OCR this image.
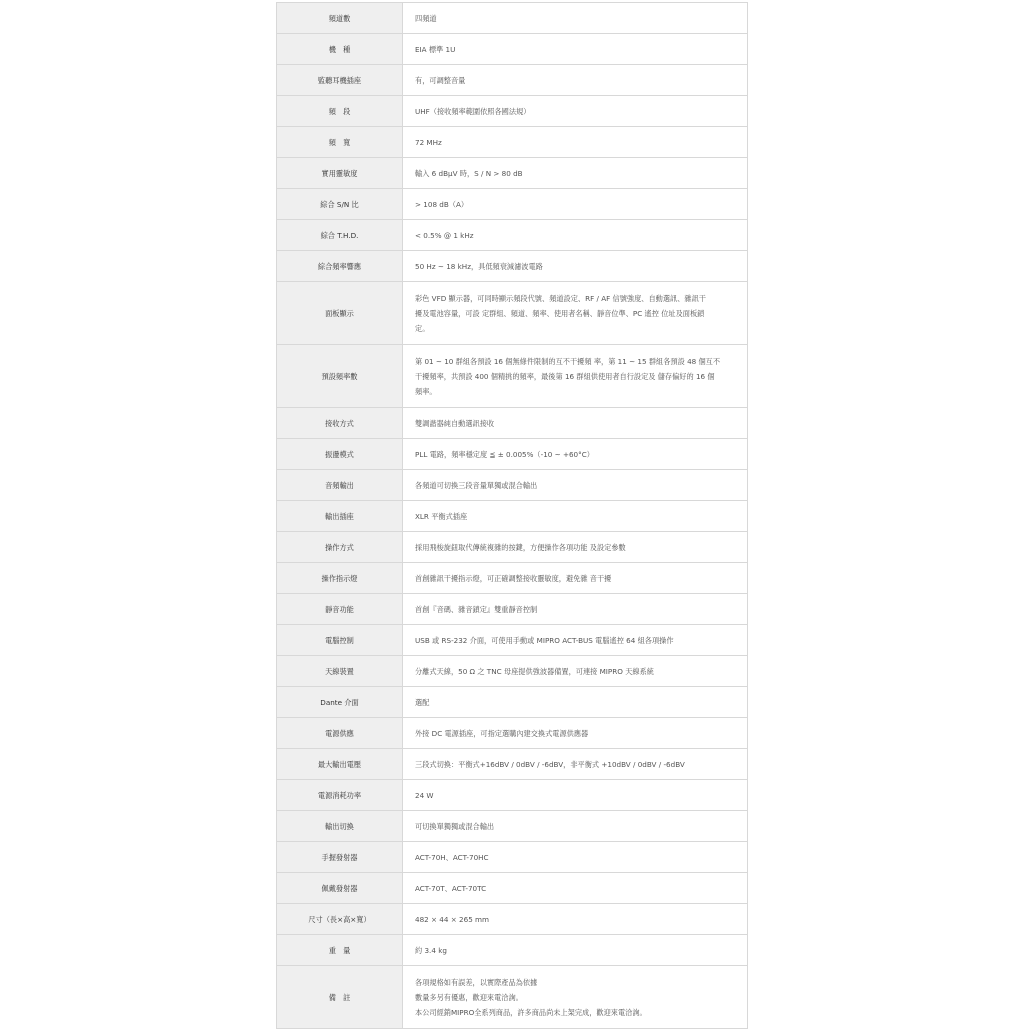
頻道數	四頻道

機　種	EIA 標準 1U

監聽耳機插座	有，可調整音量

頻　段	UHF（接收頻率範圍依照各國法規）

頻　寬	72 MHz

實用靈敏度	輸入 6 dBμV 時，S / N > 80 dB

綜合 S/N 比	> 108 dB（A）

綜合 T.H.D.	< 0.5% @ 1 kHz

綜合頻率響應	50 Hz ~ 18 kHz，具低頻衰減濾波電路

面板顯示	彩色 VFD 顯示器，可同時顯示頻段代號、頻道設定、RF / AF 信號強度、自動選訊、雜訊干
擾及電池容量，可設 定群組、頻道、頻率、使用者名稱、靜音位準、PC 遙控 位址及面板鎖
定。

預設頻率數	第 01 ~ 10 群組各預設 16 個無條件限制的互不干擾頻 率，第 11 ~ 15 群組各預設 48 個互不
干擾頻率，共預設 400 個精挑的頻率，最後第 16 群組供使用者自行設定及 儲存偏好的 16 個
頻率。

接收方式	雙調諧器純自動選訊接收

振盪模式	PLL 電路，頻率穩定度 ≦ ± 0.005%（-10 ~ +60°C）

音頻輸出	各頻道可切換三段音量單獨或混合輸出

輸出插座	XLR 平衡式插座

操作方式	採用飛梭旋鈕取代傳統複雜的按鍵，方便操作各項功能 及設定參數

操作指示燈	首創雜訊干擾指示燈，可正確調整接收靈敏度，避免雜 音干擾

靜音功能	首創『音碼、雜音鎖定』雙重靜音控制

電腦控制	USB 或 RS-232 介面，可使用手動或 MIPRO ACT-BUS 電腦遙控 64 組各項操作

天線裝置	分離式天線，50 Ω 之 TNC 母座提供強波器備置，可連接 MIPRO 天線系統

Dante 介面	選配

電源供應	外接 DC 電源插座，可指定選購內建交換式電源供應器

最大輸出電壓	三段式切換：平衡式+16dBV / 0dBV / -6dBV，非平衡式 +10dBV / 0dBV / -6dBV

電源消耗功率	24 W

輸出切換	可切換單獨獨或混合輸出

手握發射器	ACT-70H、ACT-70HC

佩戴發射器	ACT-70T、ACT-70TC

尺寸（長×高×寬）	482 × 44 × 265 mm

重　量	約 3.4 kg

備　註	各項規格如有誤差，以實際產品為依據
數量多另有優惠，歡迎來電洽詢。
本公司經銷MIPRO全系列商品，許多商品尚未上架完成，歡迎來電洽詢。
